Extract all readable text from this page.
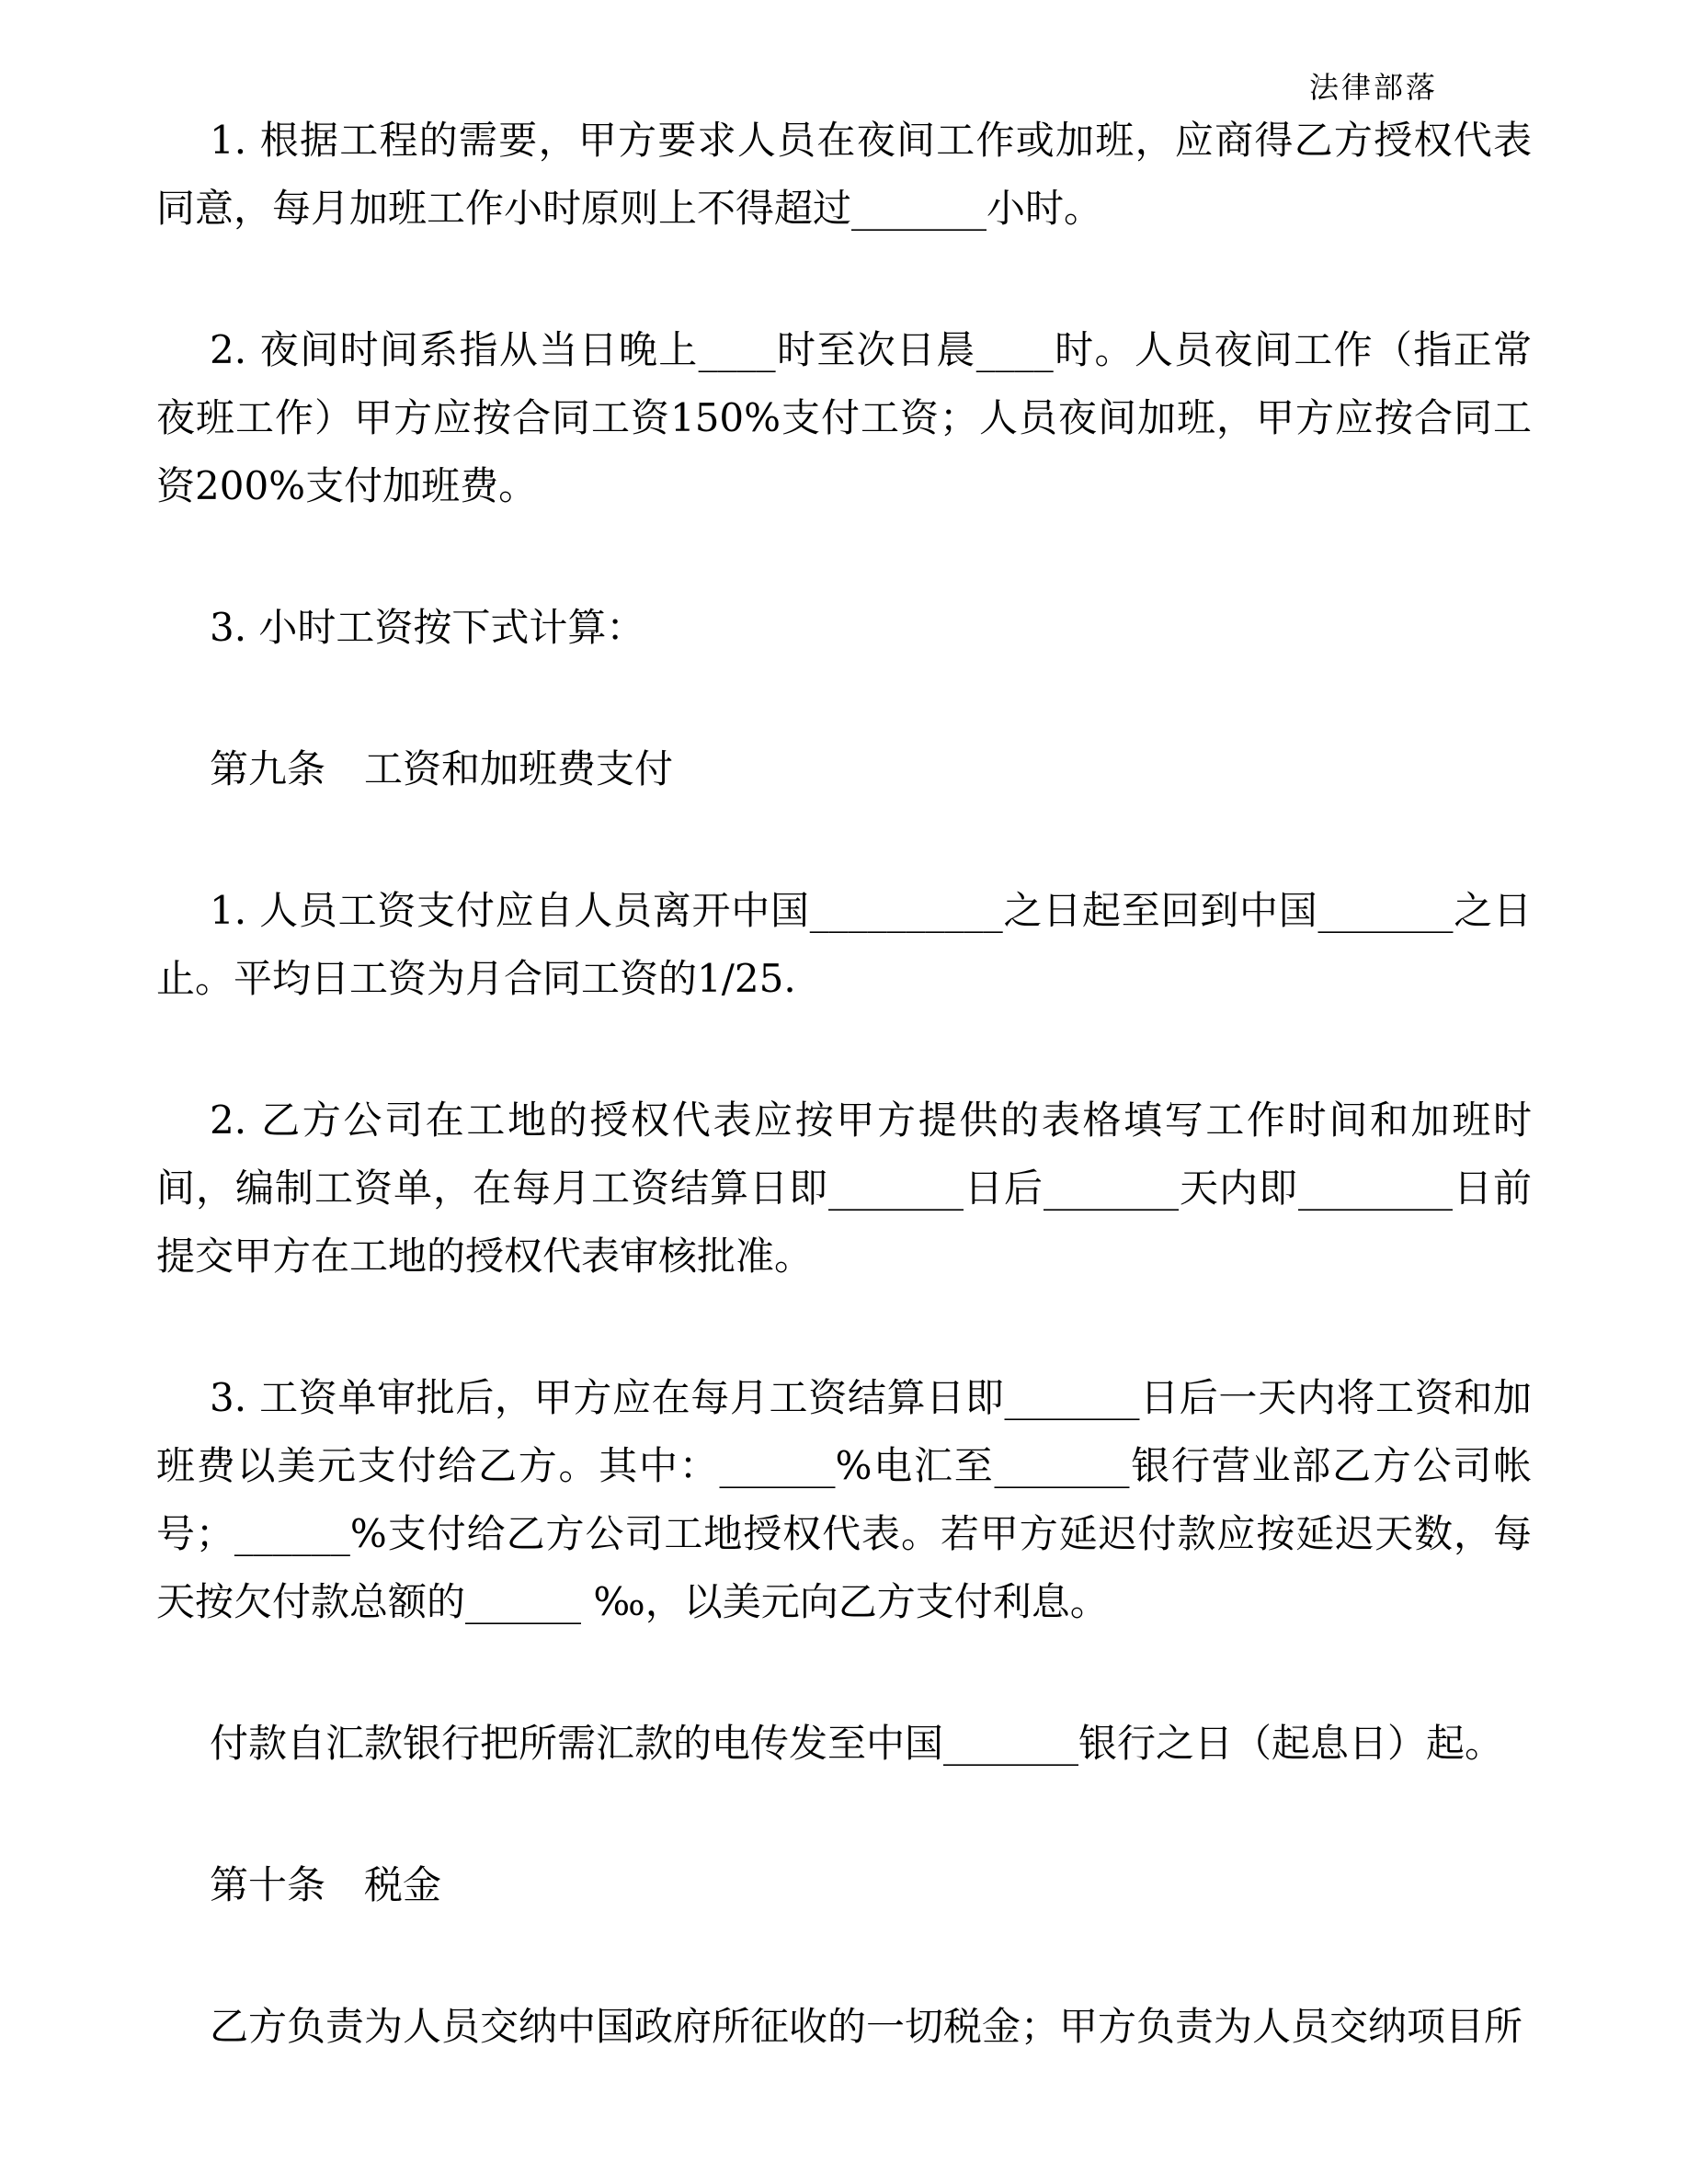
法律部落

1. 根据工程的需要，甲方要求人员在夜间工作或加班，应商得乙方授权代表同意，每月加班工作小时原则上不得超过_______小时。

2. 夜间时间系指从当日晚上____时至次日晨____时。人员夜间工作（指正常夜班工作）甲方应按合同工资150%支付工资；人员夜间加班，甲方应按合同工资200%支付加班费。

3. 小时工资按下式计算：

第九条　工资和加班费支付

1. 人员工资支付应自人员离开中国__________之日起至回到中国_______之日止。平均日工资为月合同工资的1/25.

2. 乙方公司在工地的授权代表应按甲方提供的表格填写工作时间和加班时间，编制工资单，在每月工资结算日即_______日后_______天内即________日前提交甲方在工地的授权代表审核批准。

3. 工资单审批后，甲方应在每月工资结算日即_______日后一天内将工资和加班费以美元支付给乙方。其中：______%电汇至_______银行营业部乙方公司帐号；______%支付给乙方公司工地授权代表。若甲方延迟付款应按延迟天数，每天按欠付款总额的______ ‰，以美元向乙方支付利息。

付款自汇款银行把所需汇款的电传发至中国_______银行之日（起息日）起。

第十条　税金

乙方负责为人员交纳中国政府所征收的一切税金；甲方负责为人员交纳项目所
